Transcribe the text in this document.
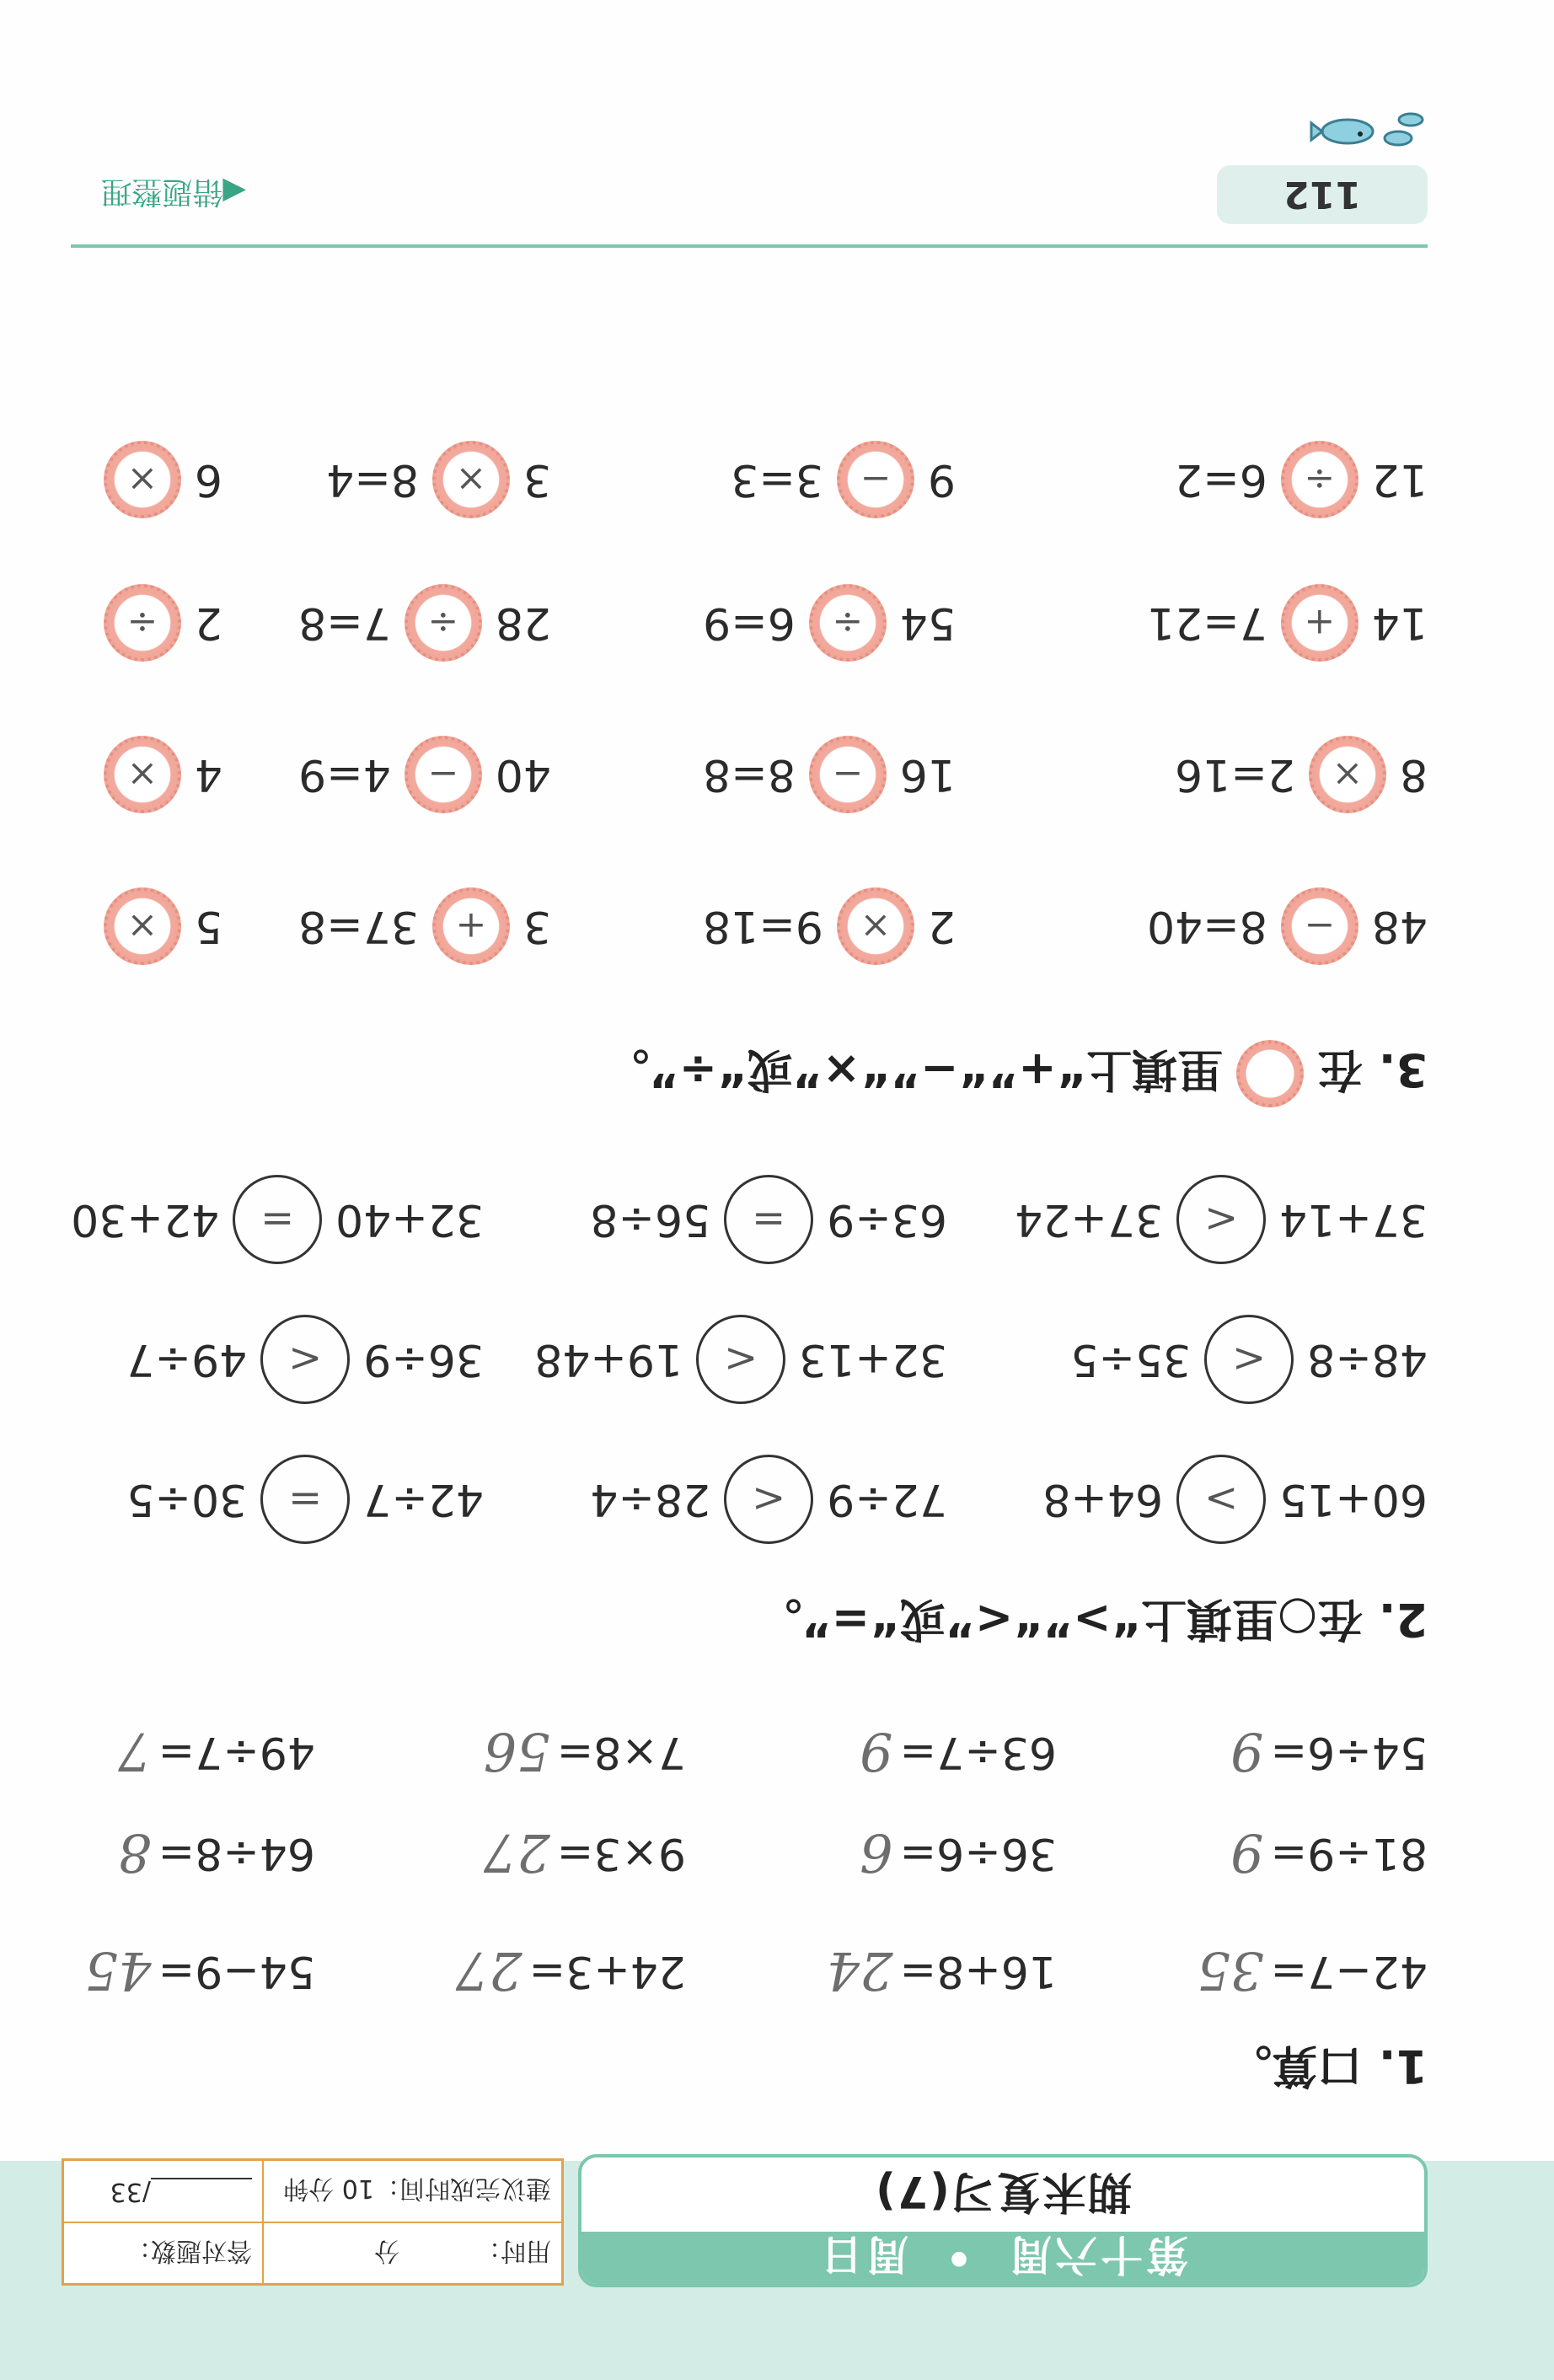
第十六周
•
周日
期末复习(7)
用时：
分
答对题数：
建议完成时间：10 分钟
/33
1. 口算。
42−7=
35
16+8=
24
24+3=
27
54−9=
45
81÷9=
9
36÷6=
6
9×3=
27
64÷8=
8
54÷6=
9
63÷7=
9
7×8=
56
49÷7=
7
2. 在○里填上“>”“<”或“=”。
60+15
>
64+8
72÷9
<
28÷4
42÷7
=
30÷5
48÷8
<
35÷5
32+13
<
19+48
36÷9
<
49÷7
37+14
<
37+24
63÷9
=
56÷8
32+40
=
42+30
3. 在
里填上“+”“−”“×”或“÷”。
48
−
8=40
2
×
9=18
3
+
37=8
5
×
8
×
2=16
16
−
8=8
40
−
4=9
4
×
14
+
7=21
54
÷
6=9
28
÷
7=8
2
÷
12
÷
6=2
9
−
3=3
3
×
8=4
6
×
112
◀错题整理
